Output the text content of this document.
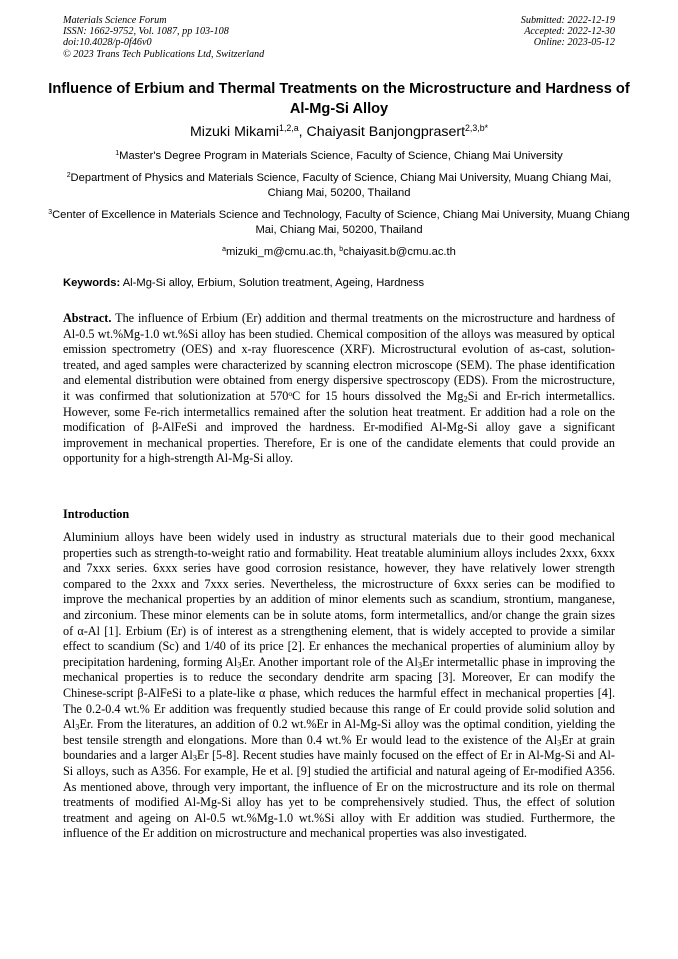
Materials Science Forum
ISSN: 1662-9752, Vol. 1087, pp 103-108
doi:10.4028/p-0f46v0
© 2023 Trans Tech Publications Ltd, Switzerland
Submitted: 2022-12-19
Accepted: 2022-12-30
Online: 2023-05-12
Influence of Erbium and Thermal Treatments on the Microstructure and Hardness of Al-Mg-Si Alloy
Mizuki Mikami$^{1,2,a}$, Chaiyasit Banjongprasert$^{2,3,b*}$
$^1$Master's Degree Program in Materials Science, Faculty of Science, Chiang Mai University
$^2$Department of Physics and Materials Science, Faculty of Science, Chiang Mai University, Muang Chiang Mai, Chiang Mai, 50200, Thailand
$^3$Center of Excellence in Materials Science and Technology, Faculty of Science, Chiang Mai University, Muang Chiang Mai, Chiang Mai, 50200, Thailand
$^a$mizuki_m@cmu.ac.th, $^b$chaiyasit.b@cmu.ac.th
Keywords: Al-Mg-Si alloy, Erbium, Solution treatment, Ageing, Hardness
Abstract. The influence of Erbium (Er) addition and thermal treatments on the microstructure and hardness of Al-0.5 wt.%Mg-1.0 wt.%Si alloy has been studied. Chemical composition of the alloys was measured by optical emission spectrometry (OES) and x-ray fluorescence (XRF). Microstructural evolution of as-cast, solution-treated, and aged samples were characterized by scanning electron microscope (SEM). The phase identification and elemental distribution were obtained from energy dispersive spectroscopy (EDS). From the microstructure, it was confirmed that solutionization at 570$^o$C for 15 hours dissolved the $Mg_2Si$ and Er-rich intermetallics. However, some Fe-rich intermetallics remained after the solution heat treatment. Er addition had a role on the modification of β-AlFeSi and improved the hardness. Er-modified Al-Mg-Si alloy gave a significant improvement in mechanical properties. Therefore, Er is one of the candidate elements that could provide an opportunity for a high-strength Al-Mg-Si alloy.
Introduction
Aluminium alloys have been widely used in industry as structural materials due to their good mechanical properties such as strength-to-weight ratio and formability. Heat treatable aluminium alloys includes 2xxx, 6xxx and 7xxx series. 6xxx series have good corrosion resistance, however, they have relatively lower strength compared to the 2xxx and 7xxx series. Nevertheless, the microstructure of 6xxx series can be modified to improve the mechanical properties by an addition of minor elements such as scandium, strontium, manganese, and zirconium. These minor elements can be in solute atoms, form intermetallics, and/or change the grain sizes of α-Al [1]. Erbium (Er) is of interest as a strengthening element, that is widely accepted to provide a similar effect to scandium (Sc) and 1/40 of its price [2]. Er enhances the mechanical properties of aluminium alloy by precipitation hardening, forming $Al_3Er$. Another important role of the $Al_3Er$ intermetallic phase in improving the mechanical properties is to reduce the secondary dendrite arm spacing [3]. Moreover, Er can modify the Chinese-script β-AlFeSi to a plate-like α phase, which reduces the harmful effect in mechanical properties [4]. The 0.2-0.4 wt.% Er addition was frequently studied because this range of Er could provide solid solution and $Al_3Er$. From the literatures, an addition of 0.2 wt.%Er in Al-Mg-Si alloy was the optimal condition, yielding the best tensile strength and elongations. More than 0.4 wt.% Er would lead to the existence of the $Al_3Er$ at grain boundaries and a larger $Al_3Er$ [5-8]. Recent studies have mainly focused on the effect of Er in Al-Mg-Si and Al-Si alloys, such as A356. For example, He et al. [9] studied the artificial and natural ageing of Er-modified A356. As mentioned above, through very important, the influence of Er on the microstructure and its role on thermal treatments of modified Al-Mg-Si alloy has yet to be comprehensively studied. Thus, the effect of solution treatment and ageing on Al-0.5 wt.%Mg-1.0 wt.%Si alloy with Er addition was studied. Furthermore, the influence of the Er addition on microstructure and mechanical properties was also investigated.
